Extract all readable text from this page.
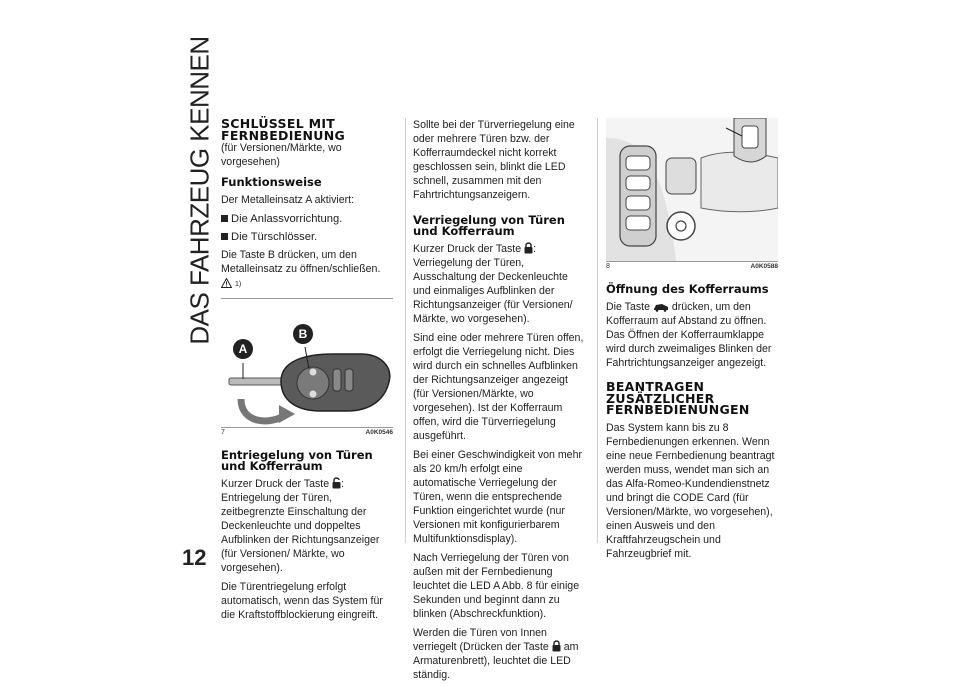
DAS FAHRZEUG KENNEN
12
SCHLÜSSEL MIT FERNBEDIENUNG

(für Versionen/Märkte, wo vorgesehen)

Funktionsweise

Der Metalleinsatz A aktiviert:

Die Anlassvorrichtung.
Die Türschlösser.

Die Taste B drücken, um den Metalleinsatz zu öffnen/schließen.  1)

A
B
7	A0K0546
Entriegelung von Türen und Kofferraum

Kurzer Druck der Taste : Entriegelung der Türen, zeitbegrenzte Einschaltung der Deckenleuchte und doppeltes Aufblinken der Richtungsanzeiger (für Versionen/ Märkte, wo vorgesehen).

Die Türentriegelung erfolgt automatisch, wenn das System für die Kraftstoffblockierung eingreift.

Sollte bei der Türverriegelung eine oder mehrere Türen bzw. der Kofferraumdeckel nicht korrekt geschlossen sein, blinkt die LED schnell, zusammen mit den Fahrtrichtungsanzeigern.

Verriegelung von Türen und Kofferraum

Kurzer Druck der Taste : Verriegelung der Türen, Ausschaltung der Deckenleuchte und einmaliges Aufblinken der Richtungsanzeiger (für Versionen/ Märkte, wo vorgesehen).

Sind eine oder mehrere Türen offen, erfolgt die Verriegelung nicht. Dies wird durch ein schnelles Aufblinken der Richtungsanzeiger angezeigt (für Versionen/Märkte, wo vorgesehen). Ist der Kofferraum offen, wird die Türverriegelung ausgeführt.

Bei einer Geschwindigkeit von mehr als 20 km/h erfolgt eine automatische Verriegelung der Türen, wenn die entsprechende Funktion eingerichtet wurde (nur Versionen mit konfigurierbarem Multifunktionsdisplay).

Nach Verriegelung der Türen von außen mit der Fernbedienung leuchtet die LED A Abb. 8 für einige Sekunden und beginnt dann zu blinken (Abschreckfunktion).

Werden die Türen von Innen verriegelt (Drücken der Taste am Armaturenbrett), leuchtet die LED ständig.

8	A0K0588
Öffnung des Kofferraums

Die Taste drücken, um den Kofferraum auf Abstand zu öffnen. Das Öffnen der Kofferraumklappe wird durch zweimaliges Blinken der Fahrtrichtungsanzeiger angezeigt.

BEANTRAGEN ZUSÄTZLICHER FERNBEDIENUNGEN

Das System kann bis zu 8 Fernbedienungen erkennen. Wenn eine neue Fernbedienung beantragt werden muss, wendet man sich an das Alfa-Romeo-Kundendienstnetz und bringt die CODE Card (für Versionen/Märkte, wo vorgesehen), einen Ausweis und den Kraftfahrzeugschein und Fahrzeugbrief mit.
